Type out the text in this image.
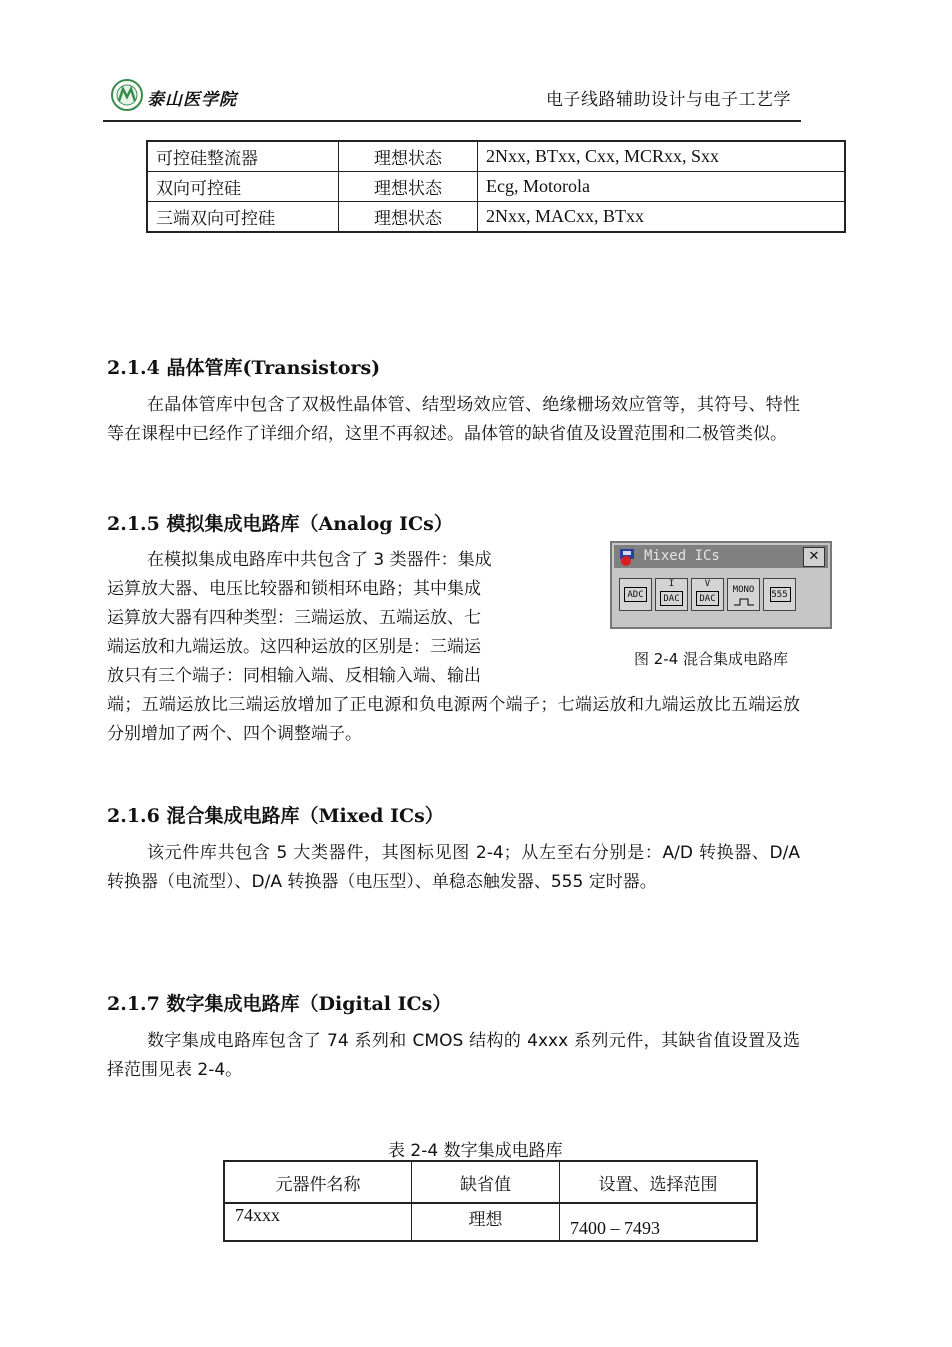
泰山医学院	电子线路辅助设计与电子工艺学
可控硅整流器	理想状态	2Nxx, BTxx, Cxx, MCRxx, Sxx
双向可控硅	理想状态	Ecg, Motorola
三端双向可控硅	理想状态	2Nxx, MACxx, BTxx
2.1.4 晶体管库(Transistors)
在晶体管库中包含了双极性晶体管、结型场效应管、绝缘栅场效应管等，其符号、特性等在课程中已经作了详细介绍，这里不再叙述。晶体管的缺省值及设置范围和二极管类似。
2.1.5 模拟集成电路库（Analog ICs）
在模拟集成电路库中共包含了 3 类器件：集成
运算放大器、电压比较器和锁相环电路；其中集成
运算放大器有四种类型：三端运放、五端运放、七
端运放和九端运放。这四种运放的区别是：三端运
放只有三个端子：同相输入端、反相输入端、输出
端；五端运放比三端运放增加了正电源和负电源两个端子；七端运放和九端运放比五端运放分别增加了两个、四个调整端子。
Mixed ICs	✕
ADC
I
DAC
V
DAC
MONO	555
图 2-4 混合集成电路库
2.1.6 混合集成电路库（Mixed ICs）
该元件库共包含 5 大类器件，其图标见图 2-4；从左至右分别是：A/D 转换器、D/A 转换器（电流型）、D/A 转换器（电压型）、单稳态触发器、555 定时器。
2.1.7 数字集成电路库（Digital ICs）
数字集成电路库包含了 74 系列和 CMOS 结构的 4xxx 系列元件，其缺省值设置及选择范围见表 2-4。
表 2-4 数字集成电路库
元器件名称	缺省值	设置、选择范围
74xxx	理想	7400 – 7493
